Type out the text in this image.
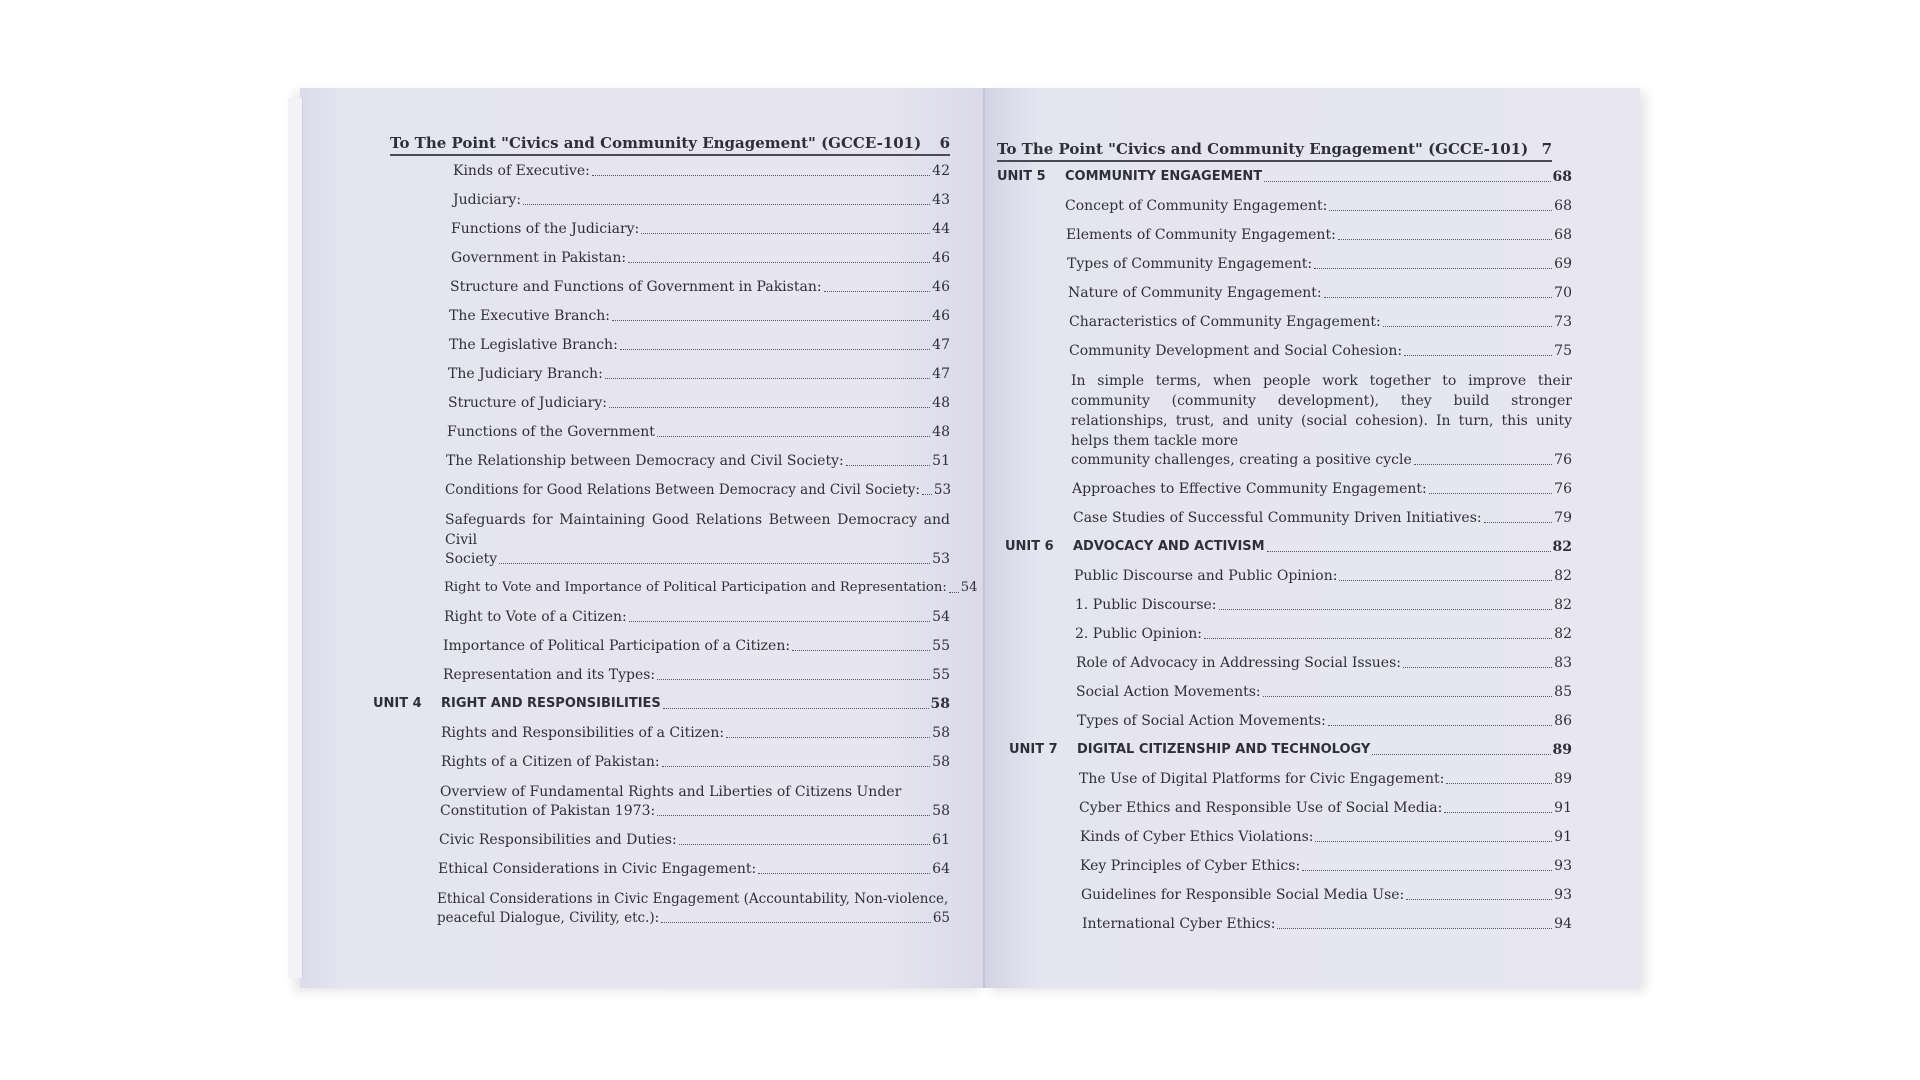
To The Point "Civics and Community Engagement" (GCCE-101) 6
Kinds of Executive:	42
Judiciary:	43
Functions of the Judiciary:	44
Government in Pakistan:	46
Structure and Functions of Government in Pakistan:	46
The Executive Branch:	46
The Legislative Branch:	47
The Judiciary Branch:	47
Structure of Judiciary:	48
Functions of the Government	48
The Relationship between Democracy and Civil Society:	51
Conditions for Good Relations Between Democracy and Civil Society: 53
Safeguards for Maintaining Good Relations Between Democracy and Civil
Society	53
Right to Vote and Importance of Political Participation and Representation: 54
Right to Vote of a Citizen:	54
Importance of Political Participation of a Citizen:	55
Representation and its Types:	55
UNIT 4	RIGHT AND RESPONSIBILITIES	58
Rights and Responsibilities of a Citizen:	58
Rights of a Citizen of Pakistan:	58
Overview of Fundamental Rights and Liberties of Citizens Under
Constitution of Pakistan 1973:	58
Civic Responsibilities and Duties:	61
Ethical Considerations in Civic Engagement:	64
Ethical Considerations in Civic Engagement (Accountability, Non-violence,
peaceful Dialogue, Civility, etc.):	65
To The Point "Civics and Community Engagement" (GCCE-101) 7
UNIT 5	COMMUNITY ENGAGEMENT	68
Concept of Community Engagement:	68
Elements of Community Engagement:	68
Types of Community Engagement:	69
Nature of Community Engagement:	70
Characteristics of Community Engagement:	73
Community Development and Social Cohesion:	75
In simple terms, when people work together to improve their community (community development), they build stronger relationships, trust, and unity (social cohesion). In turn, this unity helps them tackle more
community challenges, creating a positive cycle	76
Approaches to Effective Community Engagement:	76
Case Studies of Successful Community Driven Initiatives:	79
UNIT 6	ADVOCACY AND ACTIVISM	82
Public Discourse and Public Opinion:	82
1. Public Discourse:	82
2. Public Opinion:	82
Role of Advocacy in Addressing Social Issues:	83
Social Action Movements:	85
Types of Social Action Movements:	86
UNIT 7	DIGITAL CITIZENSHIP AND TECHNOLOGY	89
The Use of Digital Platforms for Civic Engagement:	89
Cyber Ethics and Responsible Use of Social Media:	91
Kinds of Cyber Ethics Violations:	91
Key Principles of Cyber Ethics:	93
Guidelines for Responsible Social Media Use:	93
International Cyber Ethics:	94
